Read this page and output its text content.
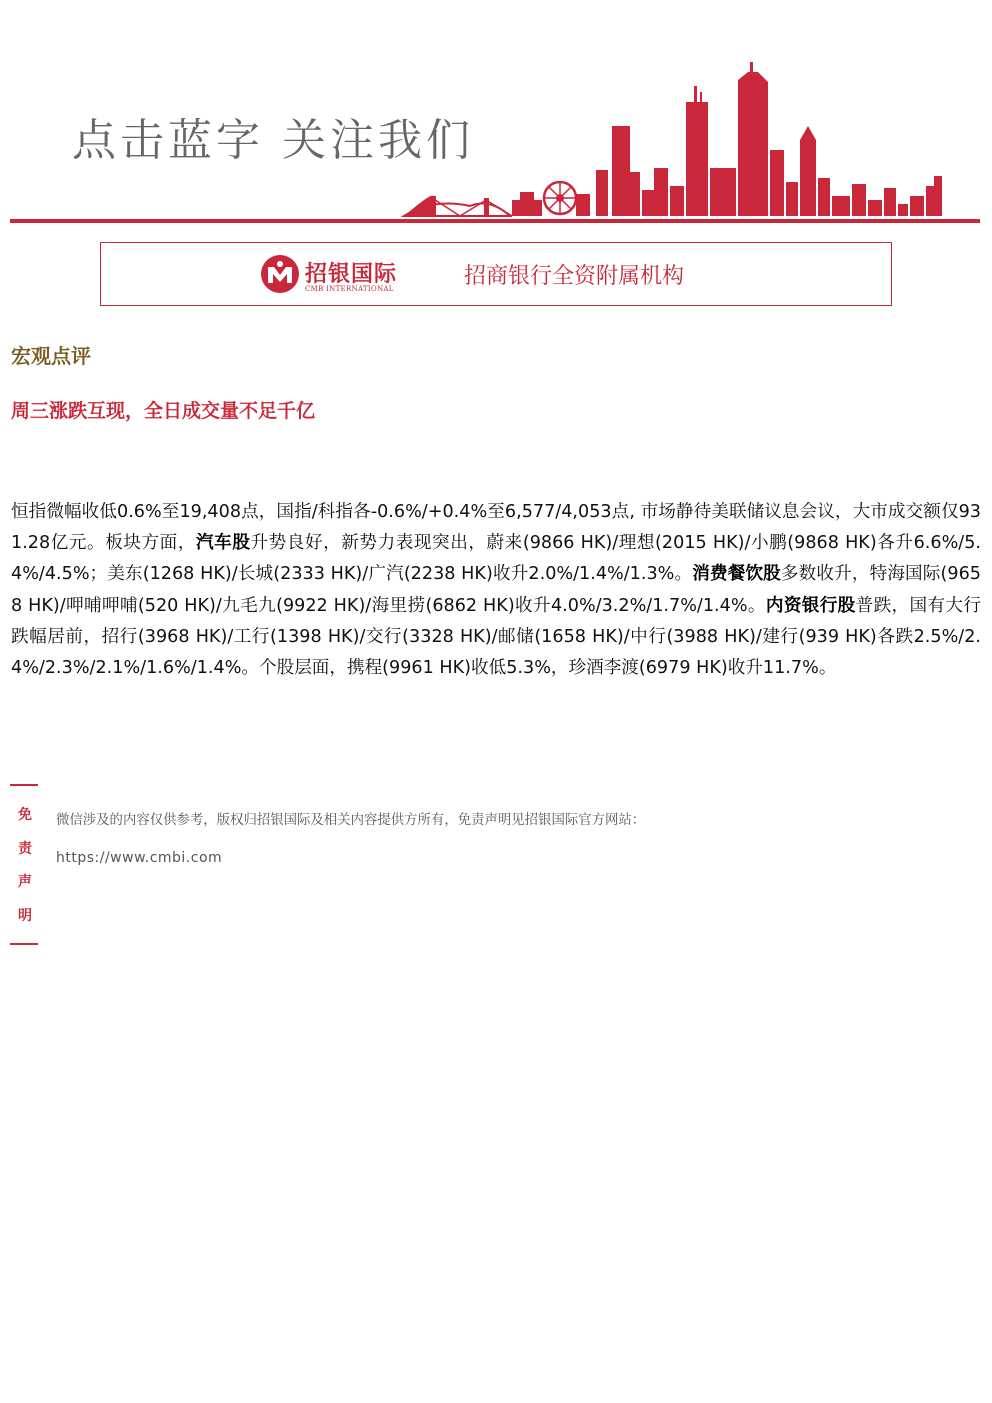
点击蓝字 关注我们
招银国际
CMB INTERNATIONAL	招商银行全资附属机构
宏观点评
周三涨跌互现，全日成交量不足千亿
恒指微幅收低0.6%至19,408点，国指/科指各-0.6%/+0.4%至6,577/4,053点, 市场静待美联储议息会议，大市成交额仅931.28亿元。板块方面，汽车股升势良好，新势力表现突出，蔚来(9866 HK)/理想(2015 HK)/小鹏(9868 HK)各升6.6%/5.4%/4.5%；美东(1268 HK)/长城(2333 HK)/广汽(2238 HK)收升2.0%/1.4%/1.3%。消费餐饮股多数收升，特海国际(9658 HK)/呷哺呷哺(520 HK)/九毛九(9922 HK)/海里捞(6862 HK)收升4.0%/3.2%/1.7%/1.4%。内资银行股普跌，国有大行跌幅居前，招行(3968 HK)/工行(1398 HK)/交行(3328 HK)/邮储(1658 HK)/中行(3988 HK)/建行(939 HK)各跌2.5%/2.4%/2.3%/2.1%/1.6%/1.4%。个股层面，携程(9961 HK)收低5.3%，珍酒李渡(6979 HK)收升11.7%。
免
责
声
明
微信涉及的内容仅供参考，版权归招银国际及相关内容提供方所有，免责声明见招银国际官方网站：
https://www.cmbi.com
